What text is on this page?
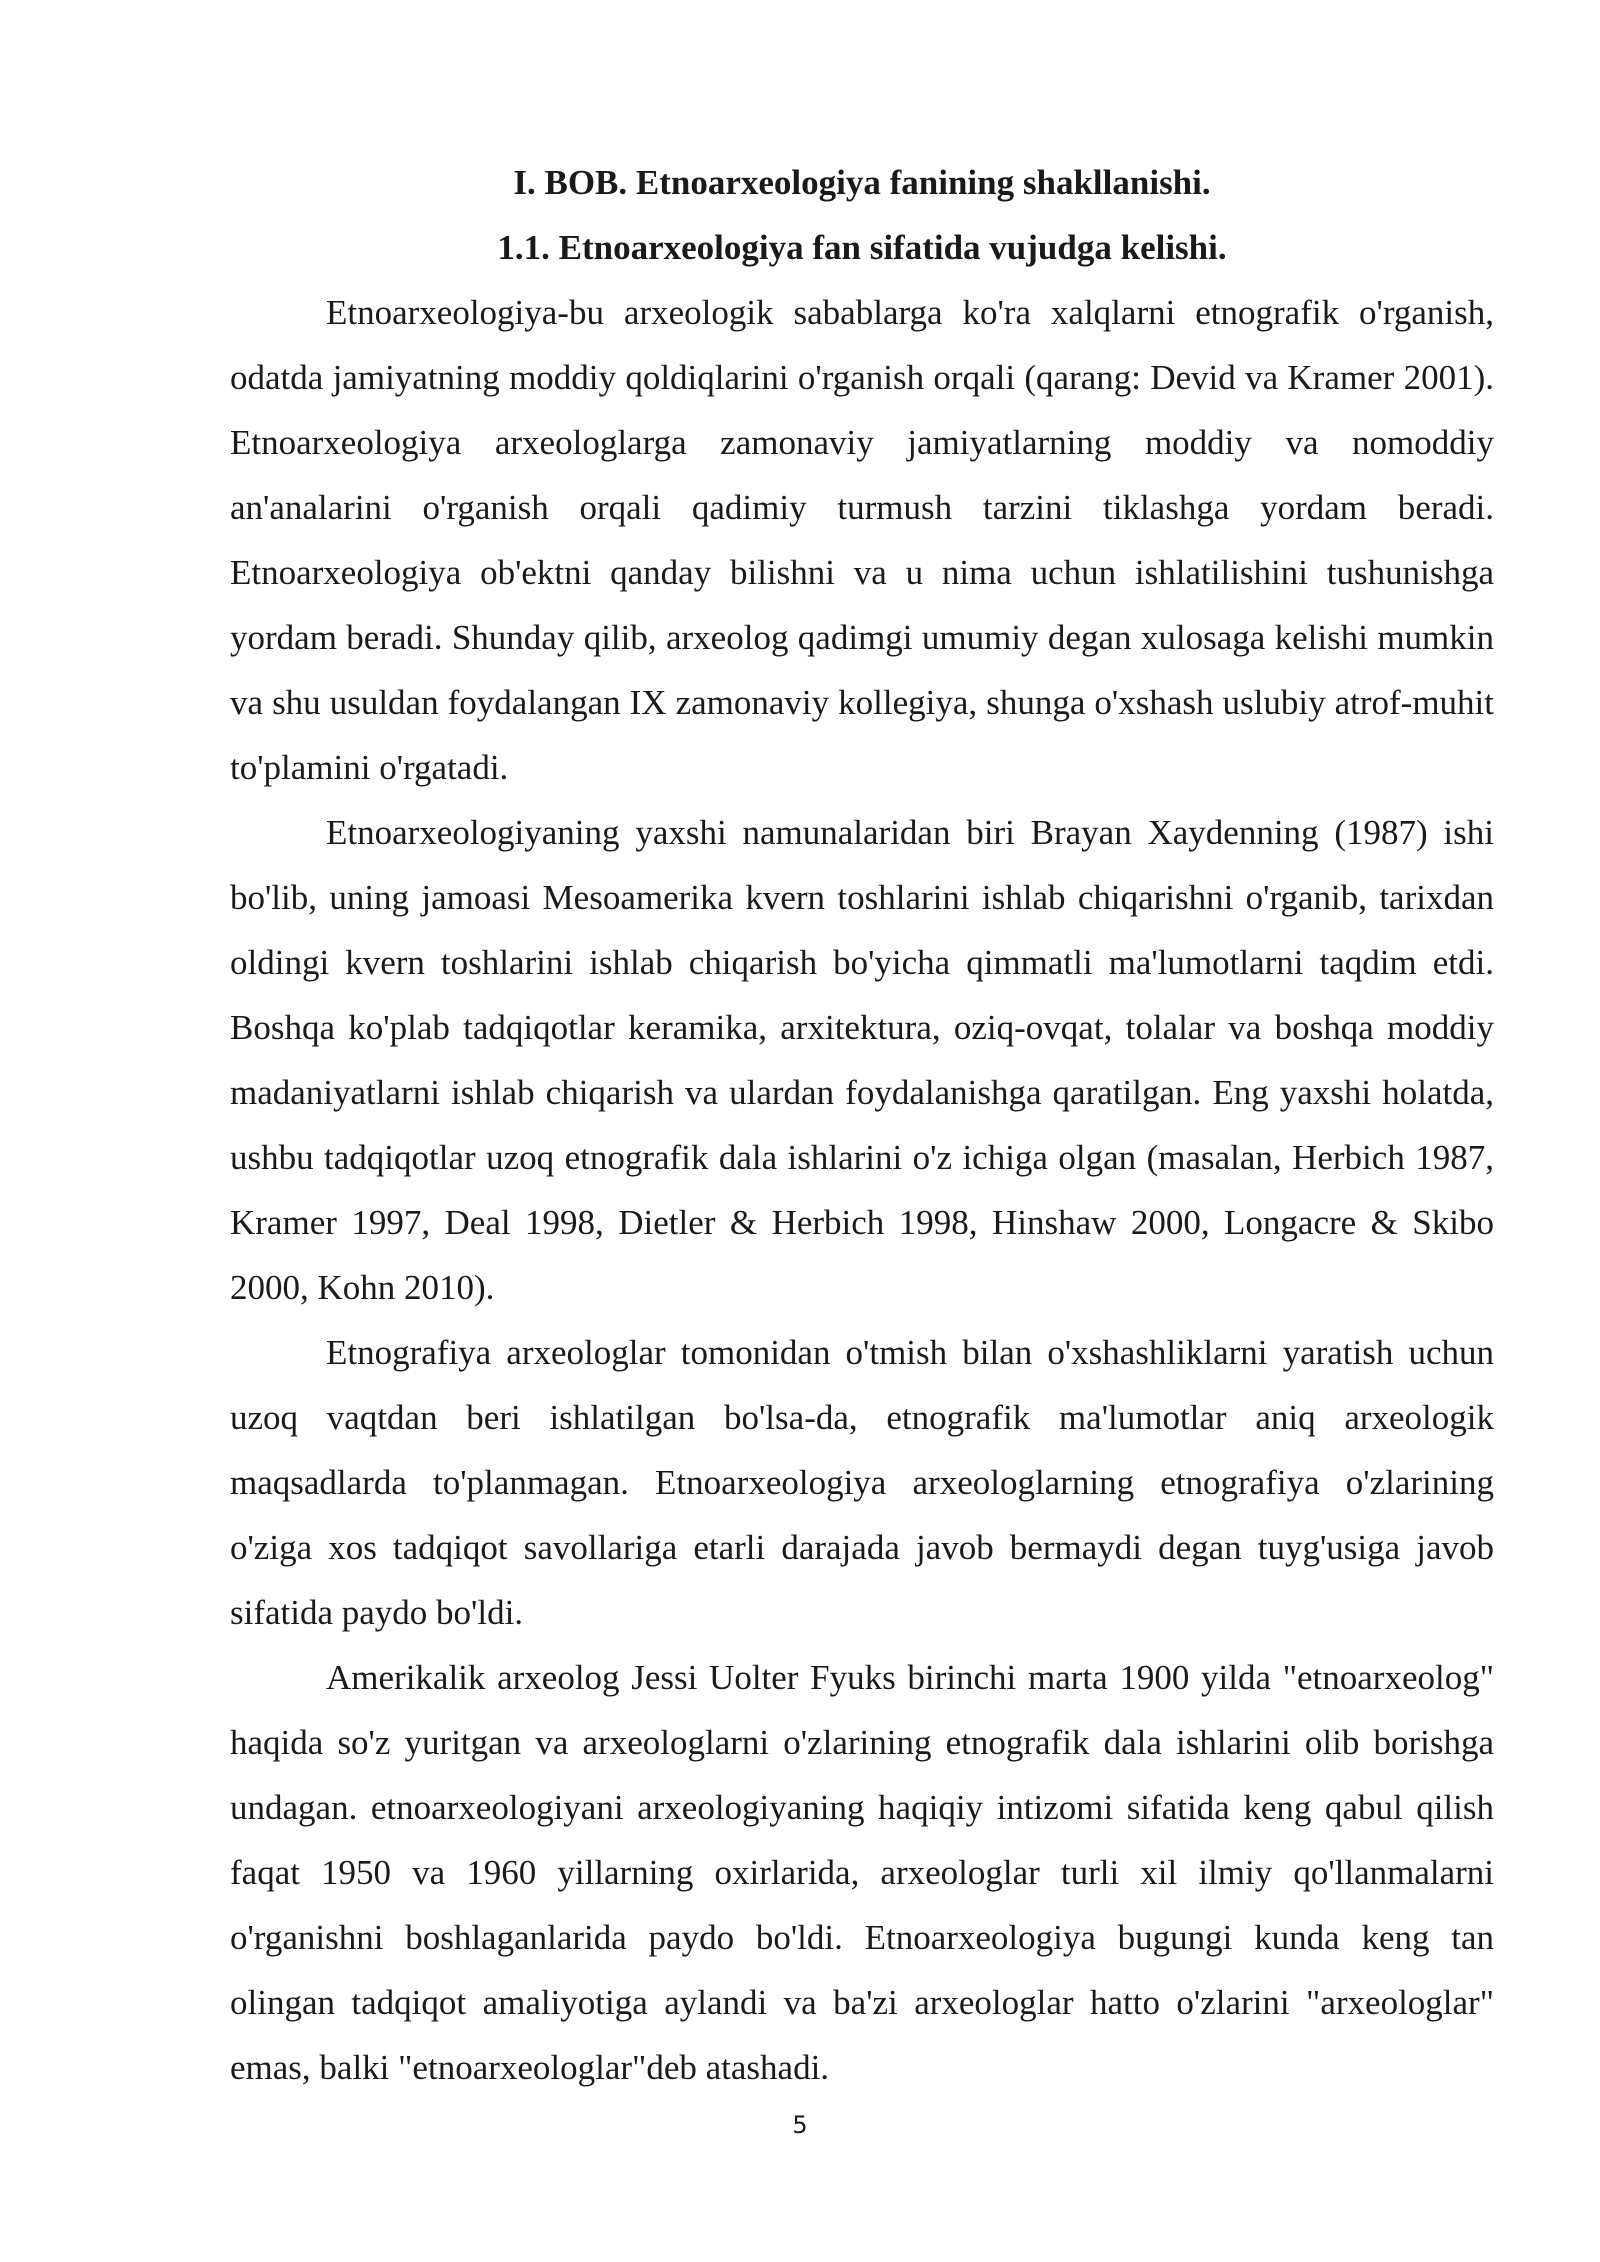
I. BOB. Etnoarxeologiya fanining shakllanishi.

1.1. Etnoarxeologiya fan sifatida vujudga kelishi.

Etnoarxeologiya-bu arxeologik sabablarga ko'ra xalqlarni etnografik o'rganish, odatda jamiyatning moddiy qoldiqlarini o'rganish orqali (qarang: Devid va Kramer 2001). Etnoarxeologiya arxeologlarga zamonaviy jamiyatlarning moddiy va nomoddiy an'analarini o'rganish orqali qadimiy turmush tarzini tiklashga yordam beradi. Etnoarxeologiya ob'ektni qanday bilishni va u nima uchun ishlatilishini tushunishga yordam beradi. Shunday qilib, arxeolog qadimgi umumiy degan xulosaga kelishi mumkin va shu usuldan foydalangan IX zamonaviy kollegiya, shunga o'xshash uslubiy atrof-muhit to'plamini o'rgatadi.

Etnoarxeologiyaning yaxshi namunalaridan biri Brayan Xaydenning (1987) ishi bo'lib, uning jamoasi Mesoamerika kvern toshlarini ishlab chiqarishni o'rganib, tarixdan oldingi kvern toshlarini ishlab chiqarish bo'yicha qimmatli ma'lumotlarni taqdim etdi. Boshqa ko'plab tadqiqotlar keramika, arxitektura, oziq-ovqat, tolalar va boshqa moddiy madaniyatlarni ishlab chiqarish va ulardan foydalanishga qaratilgan. Eng yaxshi holatda, ushbu tadqiqotlar uzoq etnografik dala ishlarini o'z ichiga olgan (masalan, Herbich 1987, Kramer 1997, Deal 1998, Dietler & Herbich 1998, Hinshaw 2000, Longacre & Skibo 2000, Kohn 2010).

Etnografiya arxeologlar tomonidan o'tmish bilan o'xshashliklarni yaratish uchun uzoq vaqtdan beri ishlatilgan bo'lsa-da, etnografik ma'lumotlar aniq arxeologik maqsadlarda to'planmagan. Etnoarxeologiya arxeologlarning etnografiya o'zlarining o'ziga xos tadqiqot savollariga etarli darajada javob bermaydi degan tuyg'usiga javob sifatida paydo bo'ldi.

Amerikalik arxeolog Jessi Uolter Fyuks birinchi marta 1900 yilda "etnoarxeolog" haqida so'z yuritgan va arxeologlarni o'zlarining etnografik dala ishlarini olib borishga undagan. etnoarxeologiyani arxeologiyaning haqiqiy intizomi sifatida keng qabul qilish faqat 1950 va 1960 yillarning oxirlarida, arxeologlar turli xil ilmiy qo'llanmalarni o'rganishni boshlaganlarida paydo bo'ldi. Etnoarxeologiya bugungi kunda keng tan olingan tadqiqot amaliyotiga aylandi va ba'zi arxeologlar hatto o'zlarini "arxeologlar" emas, balki "etnoarxeologlar"deb atashadi.

5
